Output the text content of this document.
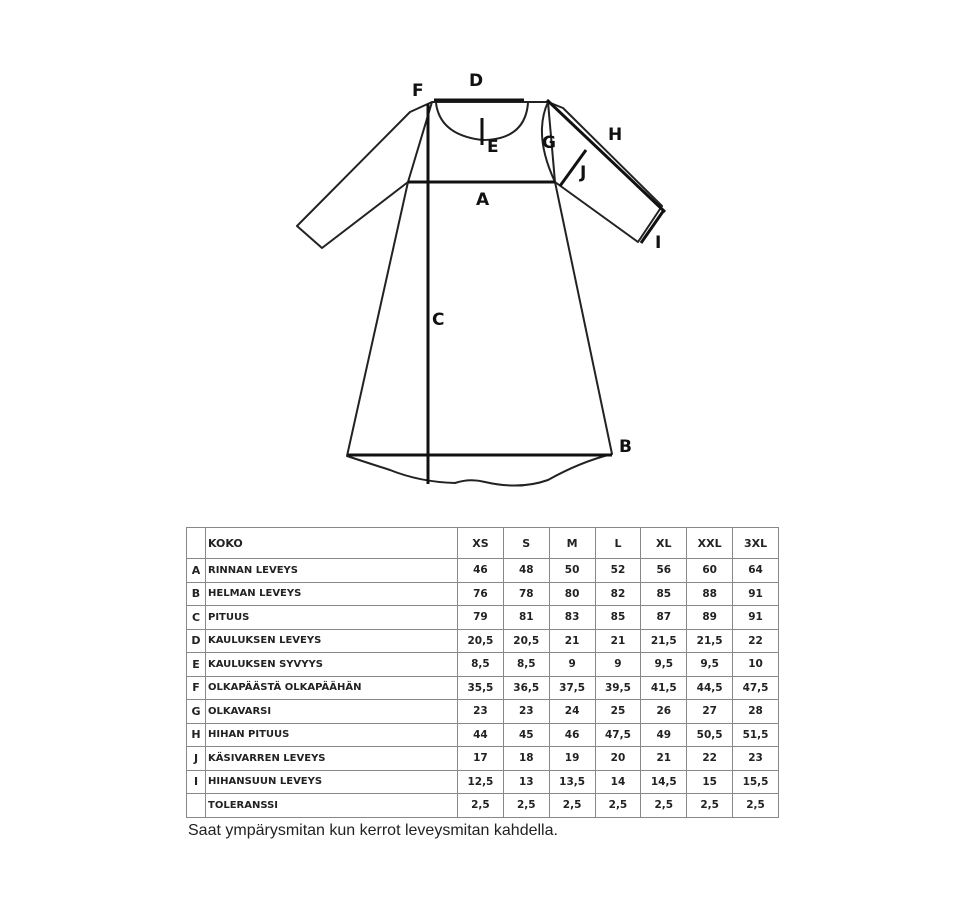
D
F
E	G	H
J
A
I
C
B
	KOKO	XS	S	M	L	XL	XXL	3XL
A	RINNAN LEVEYS	46	48	50	52	56	60	64
B	HELMAN LEVEYS	76	78	80	82	85	88	91
C	PITUUS	79	81	83	85	87	89	91
D	KAULUKSEN LEVEYS	20,5	20,5	21	21	21,5	21,5	22
E	KAULUKSEN SYVYYS	8,5	8,5	9	9	9,5	9,5	10
F	OLKAPÄÄSTÄ OLKAPÄÄHÄN	35,5	36,5	37,5	39,5	41,5	44,5	47,5
G	OLKAVARSI	23	23	24	25	26	27	28
H	HIHAN PITUUS	44	45	46	47,5	49	50,5	51,5
J	KÄSIVARREN LEVEYS	17	18	19	20	21	22	23
I	HIHANSUUN LEVEYS	12,5	13	13,5	14	14,5	15	15,5
	TOLERANSSI	2,5	2,5	2,5	2,5	2,5	2,5	2,5
Saat ympärysmitan kun kerrot leveysmitan kahdella.
